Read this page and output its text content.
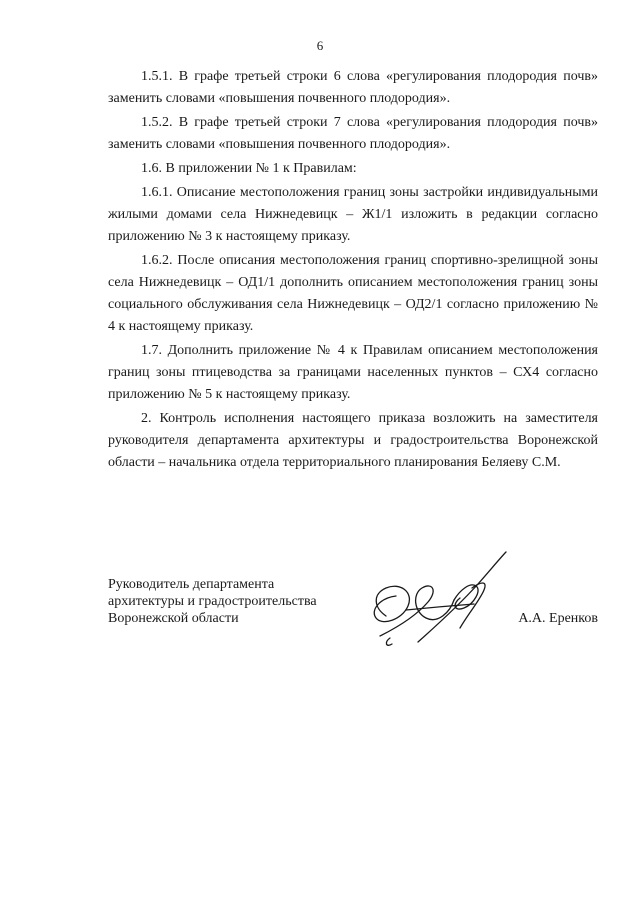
6

1.5.1. В графе третьей строки 6 слова «регулирования плодородия почв» заменить словами «повышения почвенного плодородия».

1.5.2. В графе третьей строки 7 слова «регулирования плодородия почв» заменить словами «повышения почвенного плодородия».

1.6. В приложении № 1 к Правилам:

1.6.1. Описание местоположения границ зоны застройки индивидуальными жилыми домами села Нижнедевицк – Ж1/1 изложить в редакции согласно приложению № 3 к настоящему приказу.

1.6.2. После описания местоположения границ спортивно-зрелищной зоны села Нижнедевицк – ОД1/1 дополнить описанием местоположения границ зоны социального обслуживания села Нижнедевицк – ОД2/1 согласно приложению № 4 к настоящему приказу.

1.7. Дополнить приложение № 4 к Правилам описанием местоположения границ зоны птицеводства за границами населенных пунктов – СХ4 согласно приложению № 5 к настоящему приказу.

2. Контроль исполнения настоящего приказа возложить на заместителя руководителя департамента архитектуры и градостроительства Воронежской области – начальника отдела территориального планирования Беляеву С.М.

Руководитель департамента
архитектуры и градостроительства
Воронежской области	А.А. Еренков
